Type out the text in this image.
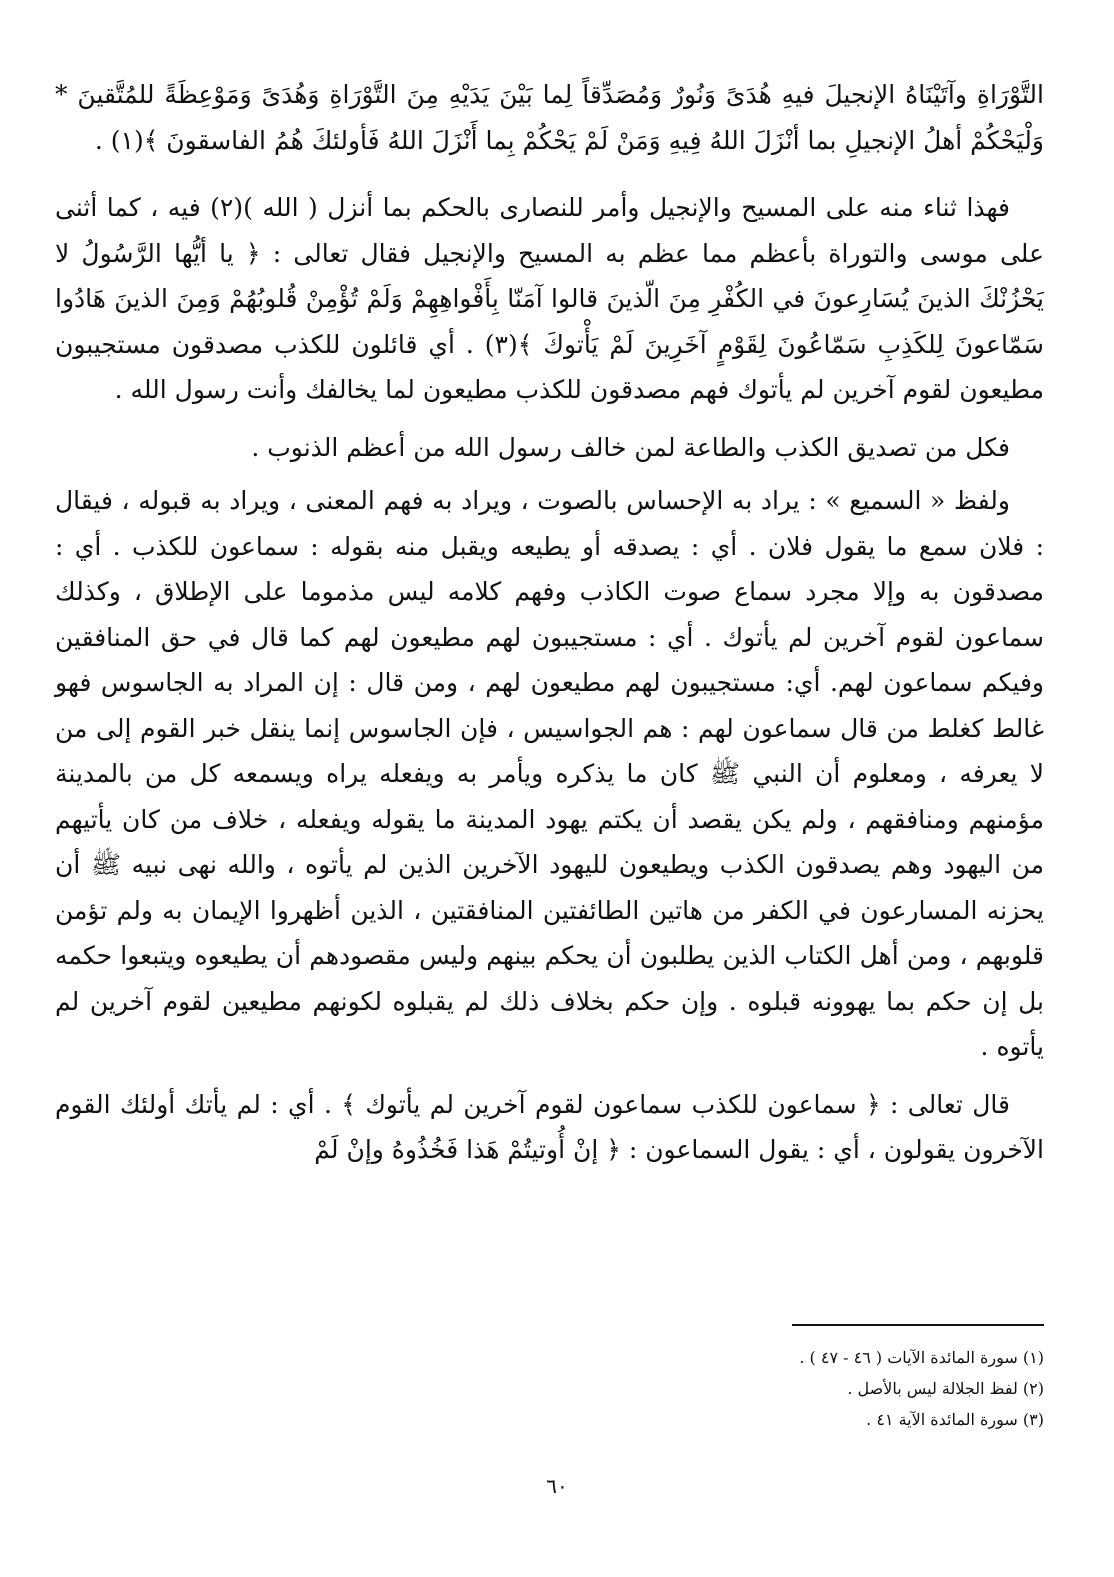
التَّوْرَاةِ وآتَيْنَاهُ الإنجيلَ فيهِ هُدَىً وَنُورٌ وَمُصَدِّقاً لِما بَيْنَ يَدَيْهِ مِنَ التَّوْرَاةِ وَهُدَىً وَمَوْعِظَةً للمُتَّقينَ * وَلْيَحْكُمْ أهلُ الإنجيلِ بما أنْزَلَ اللهُ فِيهِ وَمَنْ لَمْ يَحْكُمْ بِما أَنْزَلَ اللهُ فَأولئكَ هُمُ الفاسقونَ ﴾(١) .

فهذا ثناء منه على المسيح والإنجيل وأمر للنصارى بالحكم بما أنزل ( الله )(٢) فيه ، كما أثنى على موسى والتوراة بأعظم مما عظم به المسيح والإنجيل فقال تعالى : ﴿ يا أيُّها الرَّسُولُ لا يَحْزُنْكَ الذينَ يُسَارِعونَ في الكُفْرِ مِنَ الّذينَ قالوا آمَنّا بِأَفْواهِهِمْ وَلَمْ تُؤْمِنْ قُلوبُهُمْ وَمِنَ الذينَ هَادُوا سَمّاعونَ لِلكَذِبِ سَمّاعُونَ لِقَوْمٍ آخَرِينَ لَمْ يَأْتوكَ ﴾(٣) . أي قائلون للكذب مصدقون مستجيبون مطيعون لقوم آخرين لم يأتوك فهم مصدقون للكذب مطيعون لما يخالفك وأنت رسول الله .

فكل من تصديق الكذب والطاعة لمن خالف رسول الله من أعظم الذنوب .

ولفظ « السميع » : يراد به الإحساس بالصوت ، ويراد به فهم المعنى ، ويراد به قبوله ، فيقال : فلان سمع ما يقول فلان . أي : يصدقه أو يطيعه ويقبل منه بقوله : سماعون للكذب . أي : مصدقون به وإلا مجرد سماع صوت الكاذب وفهم كلامه ليس مذموما على الإطلاق ، وكذلك سماعون لقوم آخرين لم يأتوك . أي : مستجيبون لهم مطيعون لهم كما قال في حق المنافقين وفيكم سماعون لهم. أي: مستجيبون لهم مطيعون لهم ، ومن قال : إن المراد به الجاسوس فهو غالط كغلط من قال سماعون لهم : هم الجواسيس ، فإن الجاسوس إنما ينقل خبر القوم إلى من لا يعرفه ، ومعلوم أن النبي ﷺ كان ما يذكره ويأمر به ويفعله يراه ويسمعه كل من بالمدينة مؤمنهم ومنافقهم ، ولم يكن يقصد أن يكتم يهود المدينة ما يقوله ويفعله ، خلاف من كان يأتيهم من اليهود وهم يصدقون الكذب ويطيعون لليهود الآخرين الذين لم يأتوه ، والله نهى نبيه ﷺ أن يحزنه المسارعون في الكفر من هاتين الطائفتين المنافقتين ، الذين أظهروا الإيمان به ولم تؤمن قلوبهم ، ومن أهل الكتاب الذين يطلبون أن يحكم بينهم وليس مقصودهم أن يطيعوه ويتبعوا حكمه بل إن حكم بما يهوونه قبلوه . وإن حكم بخلاف ذلك لم يقبلوه لكونهم مطيعين لقوم آخرين لم يأتوه .

قال تعالى : ﴿ سماعون للكذب سماعون لقوم آخرين لم يأتوك ﴾ . أي : لم يأتك أولئك القوم الآخرون يقولون ، أي : يقول السماعون : ﴿ إنْ أُوتيتُمْ هَذا فَخُذُوهُ وإنْ لَمْ

(١) سورة المائدة الآيات ( ٤٦ - ٤٧ ) .

(٢) لفظ الجلالة ليس بالأصل .

(٣) سورة المائدة الآية ٤١ .

٦٠
